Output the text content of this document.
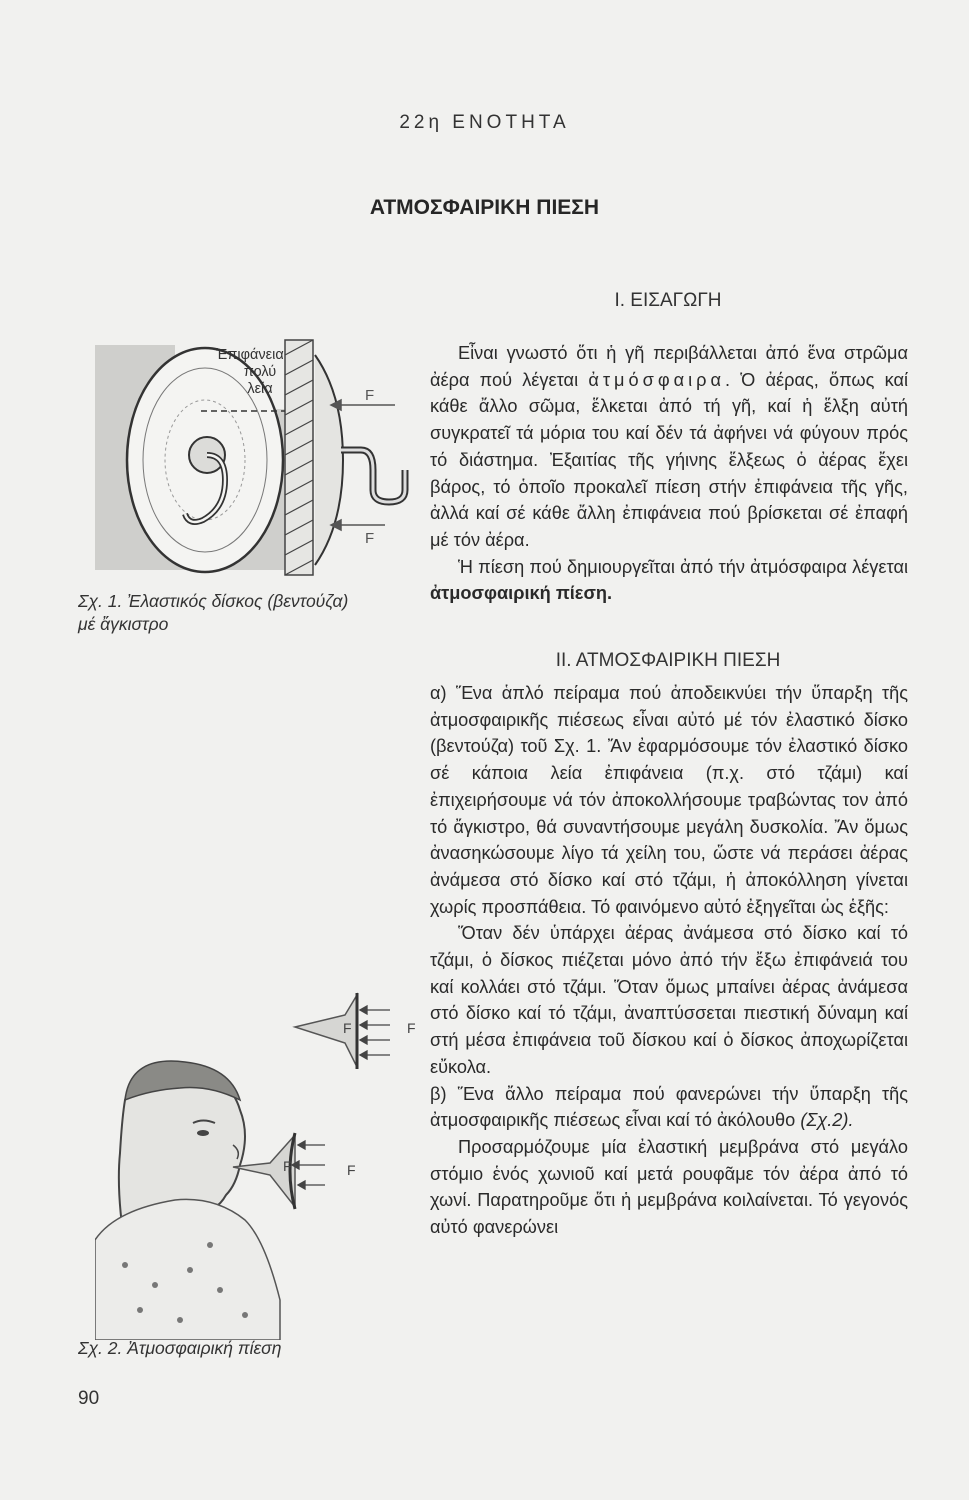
22η ΕΝΟΤΗΤΑ
ΑΤΜΟΣΦΑΙΡΙΚΗ ΠΙΕΣΗ
Ι. ΕΙΣΑΓΩΓΗ

Εἶναι γνωστό ὅτι ἡ γῆ περιβάλλεται ἀπό ἕνα στρῶμα ἀέρα πού λέγεται ἀτμόσφαιρα. Ὁ ἀέρας, ὅπως καί κάθε ἄλλο σῶμα, ἕλκεται ἀπό τή γῆ, καί ἡ ἕλξη αὐτή συγκρατεῖ τά μόρια του καί δέν τά ἀφήνει νά φύγουν πρός τό διάστημα. Ἐξαιτίας τῆς γήινης ἕλξεως ὁ ἀέρας ἔχει βάρος, τό ὁποῖο προκαλεῖ πίεση στήν ἐπιφάνεια τῆς γῆς, ἀλλά καί σέ κάθε ἄλλη ἐπιφάνεια πού βρίσκεται σέ ἐπαφή μέ τόν ἀέρα.

Ἡ πίεση πού δημιουργεῖται ἀπό τήν ἀτμόσφαιρα λέγεται ἀτμοσφαιρική πίεση.

ΙΙ. ΑΤΜΟΣΦΑΙΡΙΚΗ ΠΙΕΣΗ

α) Ἕνα ἁπλό πείραμα πού ἀποδεικνύει τήν ὕπαρξη τῆς ἀτμοσφαιρικῆς πιέσεως εἶναι αὐτό μέ τόν ἐλαστικό δίσκο (βεντούζα) τοῦ Σχ. 1. Ἄν ἐφαρμόσουμε τόν ἐλαστικό δίσκο σέ κάποια λεία ἐπιφάνεια (π.χ. στό τζάμι) καί ἐπιχειρήσουμε νά τόν ἀποκολλήσουμε τραβώντας τον ἀπό τό ἄγκιστρο, θά συναντήσουμε μεγάλη δυσκολία. Ἄν ὅμως ἀνασηκώσουμε λίγο τά χείλη του, ὥστε νά περάσει ἀέρας ἀνάμεσα στό δίσκο καί στό τζάμι, ἡ ἀποκόλληση γίνεται χωρίς προσπάθεια. Τό φαινόμενο αὐτό ἐξηγεῖται ὡς ἑξῆς:

Ὅταν δέν ὑπάρχει ἀέρας ἀνάμεσα στό δίσκο καί τό τζάμι, ὁ δίσκος πιέζεται μόνο ἀπό τήν ἔξω ἐπιφάνειά του καί κολλάει στό τζάμι. Ὅταν ὅμως μπαίνει ἀέρας ἀνάμεσα στό δίσκο καί τό τζάμι, ἀναπτύσσεται πιεστική δύναμη καί στή μέσα ἐπιφάνεια τοῦ δίσκου καί ὁ δίσκος ἀποχωρίζεται εὔκολα.

β) Ἕνα ἄλλο πείραμα πού φανερώνει τήν ὕπαρξη τῆς ἀτμοσφαιρικῆς πιέσεως εἶναι καί τό ἀκόλουθο (Σχ.2).

Προσαρμόζουμε μία ἐλαστική μεμβράνα στό μεγάλο στόμιο ἑνός χωνιοῦ καί μετά ρουφᾶμε τόν ἀέρα ἀπό τό χωνί. Παρατηροῦμε ὅτι ἡ μεμβράνα κοιλαίνεται. Τό γεγονός αὐτό φανερώνει

F
F
Ἐπιφάνεια
πολύ
λεία
Σχ. 1. Ἐλαστικός δίσκος (βεντούζα)
μέ ἄγκιστρο
F	F
F	F
Σχ. 2. Ἀτμοσφαιρική πίεση
90
